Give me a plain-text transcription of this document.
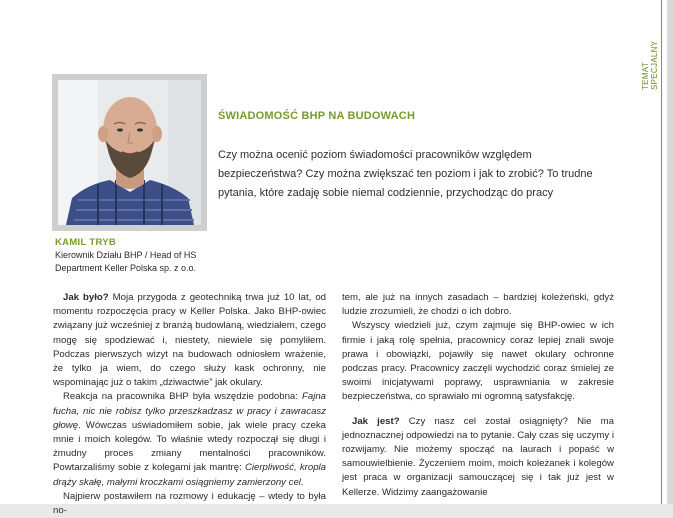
TEMAT SPECJALNY
KAMIL TRYB
Kierownik Działu BHP / Head of HS Department Keller Polska sp. z o.o.
ŚWIADOMOŚĆ BHP NA BUDOWACH

Czy można ocenić poziom świadomości pracowników względem bezpieczeństwa? Czy można zwiększać ten poziom i jak to zrobić? To trudne pytania, które zadaję sobie niemal codziennie, przychodząc do pracy

Jak było? Moja przygoda z geotechniką trwa już 10 lat, od momentu rozpoczęcia pracy w Keller Polska. Jako BHP-owiec związany już wcześniej z branżą budowlaną, wiedziałem, czego mogę się spodziewać i, niestety, niewiele się pomyliłem. Podczas pierwszych wizyt na budowach odniosłem wrażenie, że tylko ja wiem, do czego służy kask ochronny, nie wspominając już o takim „dziwactwie” jak okulary.

Reakcja na pracownika BHP była wszędzie podobna: Fajna fucha, nic nie robisz tylko przeszkadzasz w pracy i zawracasz głowę. Wówczas uświadomiłem sobie, jak wiele pracy czeka mnie i moich kolegów. To właśnie wtedy rozpoczął się długi i żmudny proces zmiany mentalności pracowników. Powtarzaliśmy sobie z kolegami jak mantrę: Cierpliwość, kropla drąży skałę, małymi kroczkami osiągniemy zamierzony cel.

Najpierw postawiłem na rozmowy i edukację – wtedy to była no-

tem, ale już na innych zasadach – bardziej koleżeński, gdyż ludzie zrozumieli, że chodzi o ich dobro.

Wszyscy wiedzieli już, czym zajmuje się BHP-owiec w ich firmie i jaką rolę spełnia, pracownicy coraz lepiej znali swoje prawa i obowiązki, pojawiły się nawet okulary ochronne podczas pracy. Pracownicy zaczęli wychodzić coraz śmielej ze swoimi inicjatywami poprawy, usprawniania w zakresie bezpieczeństwa, co sprawiało mi ogromną satysfakcję.

Jak jest? Czy nasz cel został osiągnięty? Nie ma jednoznacznej odpowiedzi na to pytanie. Cały czas się uczymy i rozwijamy. Nie możemy spocząć na laurach i popaść w samouwielbienie. Życzeniem moim, moich koleżanek i kolegów jest praca w organizacji samouczącej się i tak już jest w Kellerze. Widzimy zaangażowanie
